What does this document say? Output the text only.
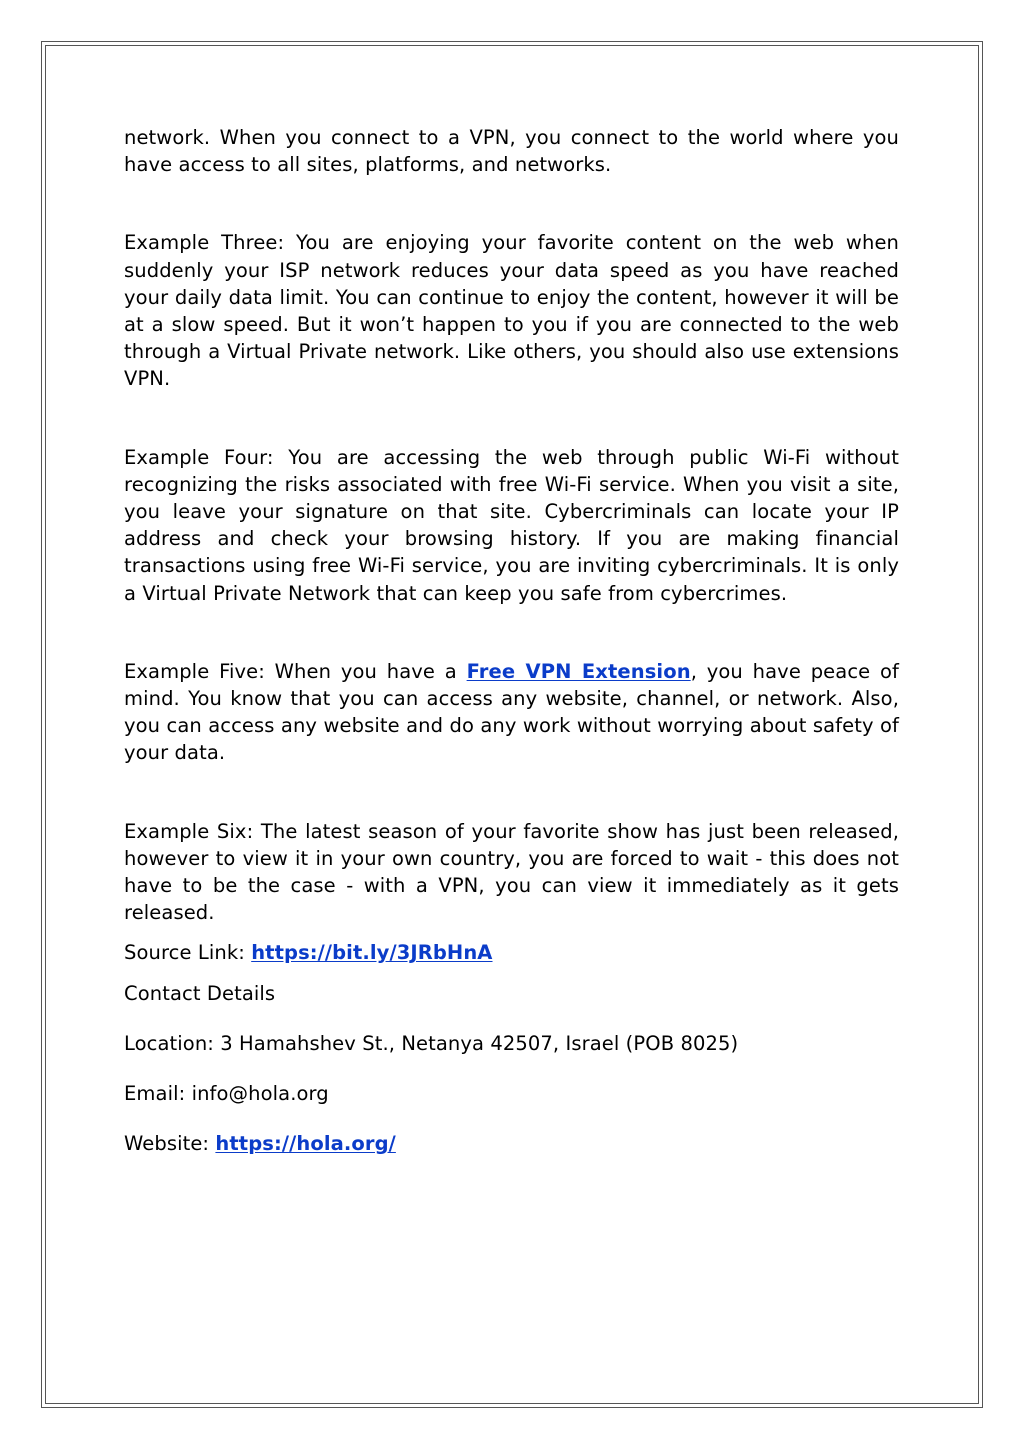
network. When you connect to a VPN, you connect to the world where you have access to all sites, platforms, and networks.

Example Three: You are enjoying your favorite content on the web when suddenly your ISP network reduces your data speed as you have reached your daily data limit. You can continue to enjoy the content, however it will be at a slow speed. But it won’t happen to you if you are connected to the web through a Virtual Private network. Like others, you should also use extensions VPN.

Example Four: You are accessing the web through public Wi-Fi without recognizing the risks associated with free Wi-Fi service. When you visit a site, you leave your signature on that site. Cybercriminals can locate your IP address and check your browsing history. If you are making financial transactions using free Wi-Fi service, you are inviting cybercriminals. It is only a Virtual Private Network that can keep you safe from cybercrimes.

Example Five: When you have a Free VPN Extension, you have peace of mind. You know that you can access any website, channel, or network. Also, you can access any website and do any work without worrying about safety of your data.

Example Six: The latest season of your favorite show has just been released, however to view it in your own country, you are forced to wait - this does not have to be the case - with a VPN, you can view it immediately as it gets released.

Source Link: https://bit.ly/3JRbHnA

Contact Details

Location: 3 Hamahshev St., Netanya 42507, Israel (POB 8025)

Email: info@hola.org

Website: https://hola.org/
